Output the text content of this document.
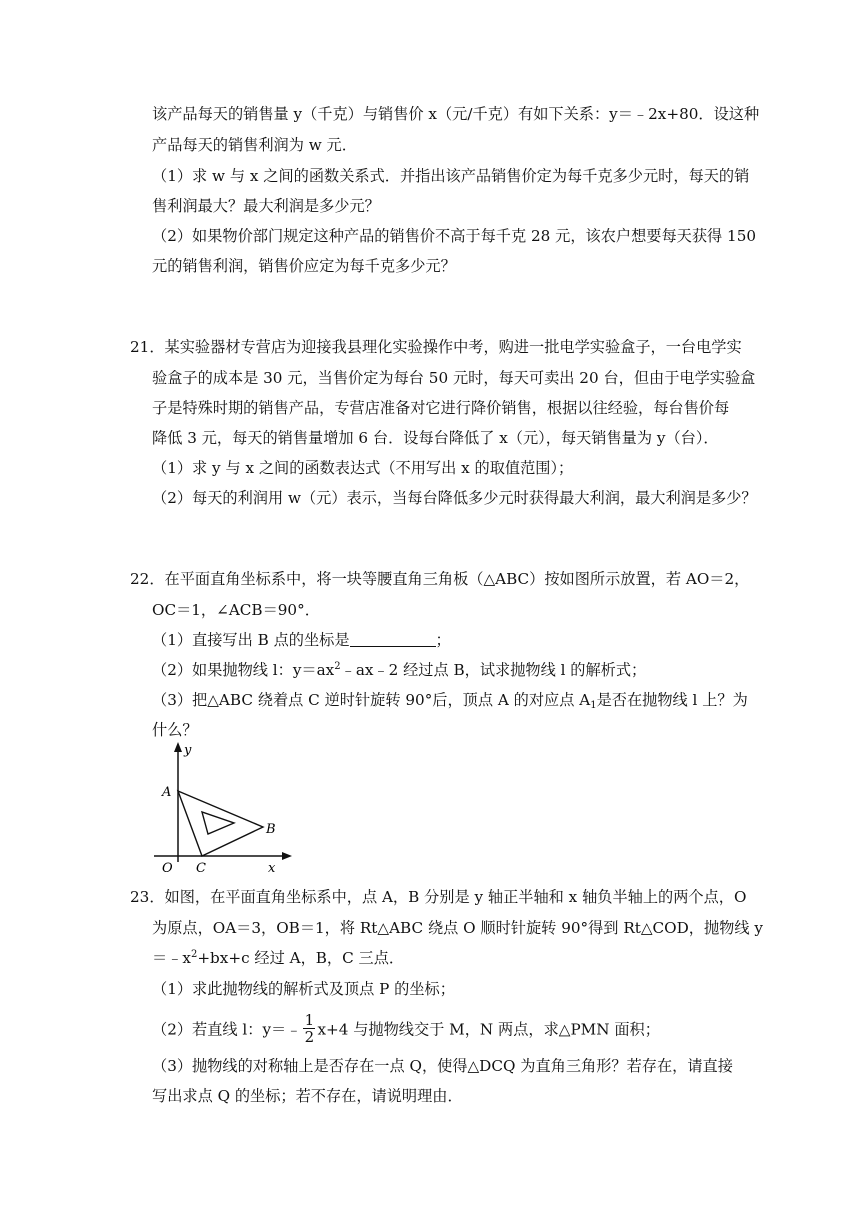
该产品每天的销售量 y（千克）与销售价 x（元/千克）有如下关系：y＝﹣2x+80．设这种
产品每天的销售利润为 w 元．
（1）求 w 与 x 之间的函数关系式．并指出该产品销售价定为每千克多少元时，每天的销
售利润最大？最大利润是多少元？
（2）如果物价部门规定这种产品的销售价不高于每千克 28 元，该农户想要每天获得 150
元的销售利润，销售价应定为每千克多少元？
21．某实验器材专营店为迎接我县理化实验操作中考，购进一批电学实验盒子，一台电学实
验盒子的成本是 30 元，当售价定为每台 50 元时，每天可卖出 20 台，但由于电学实验盒
子是特殊时期的销售产品，专营店准备对它进行降价销售，根据以往经验，每台售价每
降低 3 元，每天的销售量增加 6 台．设每台降低了 x（元），每天销售量为 y（台）．
（1）求 y 与 x 之间的函数表达式（不用写出 x 的取值范围）；
（2）每天的利润用 w（元）表示，当每台降低多少元时获得最大利润，最大利润是多少？
22．在平面直角坐标系中，将一块等腰直角三角板（△ABC）按如图所示放置，若 AO＝2，
OC＝1，∠ACB＝90°．
（1）直接写出 B 点的坐标是	；
（2）如果抛物线 l：$y=ax^2﹣ax﹣2$ 经过点 B，试求抛物线 l 的解析式；
（3）把△ABC 绕着点 C 逆时针旋转 90°后，顶点 A 的对应点 $A_1$是否在抛物线 l 上？为
什么？
y
A
B
C
O	x
23．如图，在平面直角坐标系中，点 A，B 分别是 y 轴正半轴和 x 轴负半轴上的两个点，O
为原点，OA＝3，OB＝1，将 Rt△ABC 绕点 O 顺时针旋转 90°得到 Rt△COD，抛物线 y
$=﹣x^2+bx+c$ 经过 A，B，C 三点．
（1）求此抛物线的解析式及顶点 P 的坐标；
（2）若直线 l：y＝﹣ $\frac{1}{2} x+4$ 与抛物线交于 M，N 两点，求△PMN 面积；
（3）抛物线的对称轴上是否存在一点 Q，使得△DCQ 为直角三角形？若存在，请直接
写出求点 Q 的坐标；若不存在，请说明理由．
